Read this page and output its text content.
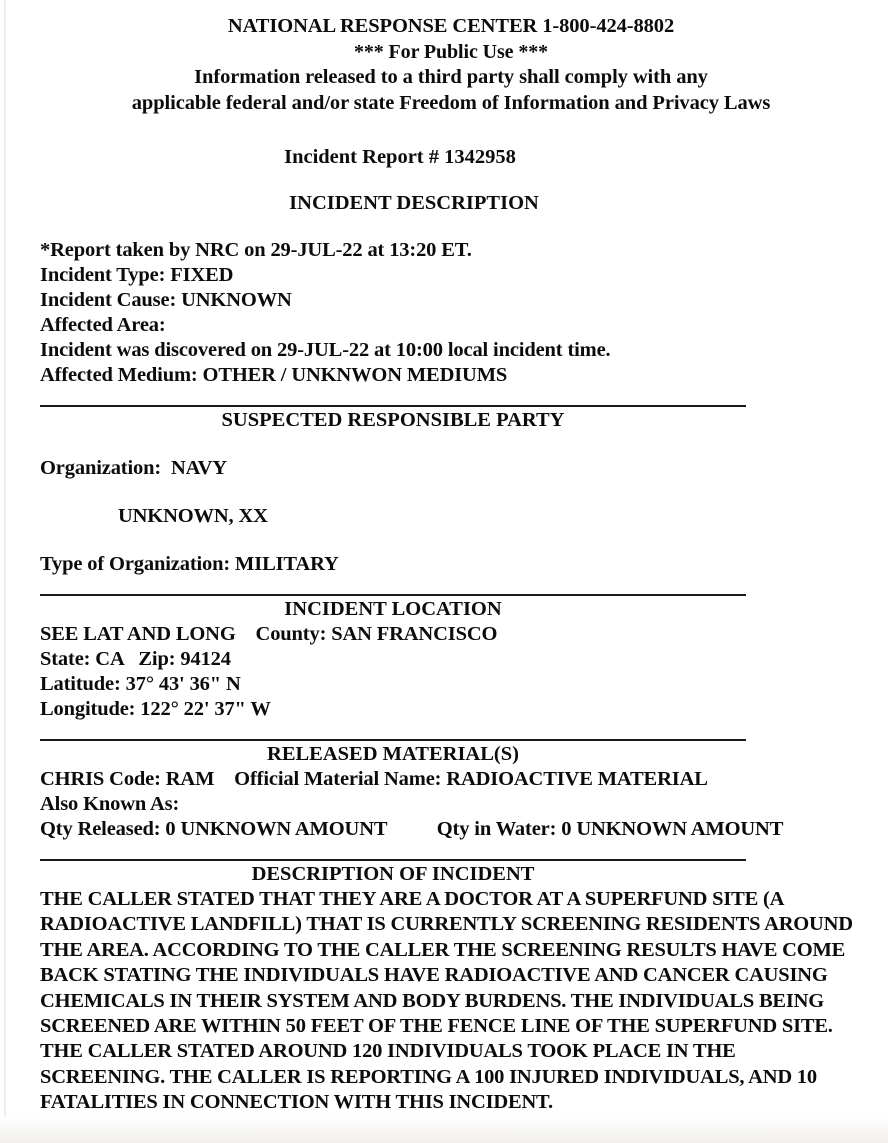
NATIONAL RESPONSE CENTER 1-800-424-8802
*** For Public Use ***
Information released to a third party shall comply with any
applicable federal and/or state Freedom of Information and Privacy Laws
Incident Report # 1342958
INCIDENT DESCRIPTION
*Report taken by NRC on 29-JUL-22 at 13:20 ET.
Incident Type: FIXED
Incident Cause: UNKNOWN
Affected Area:
Incident was discovered on 29-JUL-22 at 10:00 local incident time.
Affected Medium: OTHER / UNKNWON MEDIUMS
SUSPECTED RESPONSIBLE PARTY
Organization:  NAVY
UNKNOWN, XX
Type of Organization: MILITARY
INCIDENT LOCATION
SEE LAT AND LONG    County: SAN FRANCISCO
State: CA   Zip: 94124
Latitude: 37° 43' 36" N
Longitude: 122° 22' 37" W
RELEASED MATERIAL(S)
CHRIS Code: RAM    Official Material Name: RADIOACTIVE MATERIAL
Also Known As:
Qty Released: 0 UNKNOWN AMOUNT          Qty in Water: 0 UNKNOWN AMOUNT
DESCRIPTION OF INCIDENT
THE CALLER STATED THAT THEY ARE A DOCTOR AT A SUPERFUND SITE (A
RADIOACTIVE LANDFILL) THAT IS CURRENTLY SCREENING RESIDENTS AROUND
THE AREA. ACCORDING TO THE CALLER THE SCREENING RESULTS HAVE COME
BACK STATING THE INDIVIDUALS HAVE RADIOACTIVE AND CANCER CAUSING
CHEMICALS IN THEIR SYSTEM AND BODY BURDENS. THE INDIVIDUALS BEING
SCREENED ARE WITHIN 50 FEET OF THE FENCE LINE OF THE SUPERFUND SITE.
THE CALLER STATED AROUND 120 INDIVIDUALS TOOK PLACE IN THE
SCREENING. THE CALLER IS REPORTING A 100 INJURED INDIVIDUALS, AND 10
FATALITIES IN CONNECTION WITH THIS INCIDENT.
